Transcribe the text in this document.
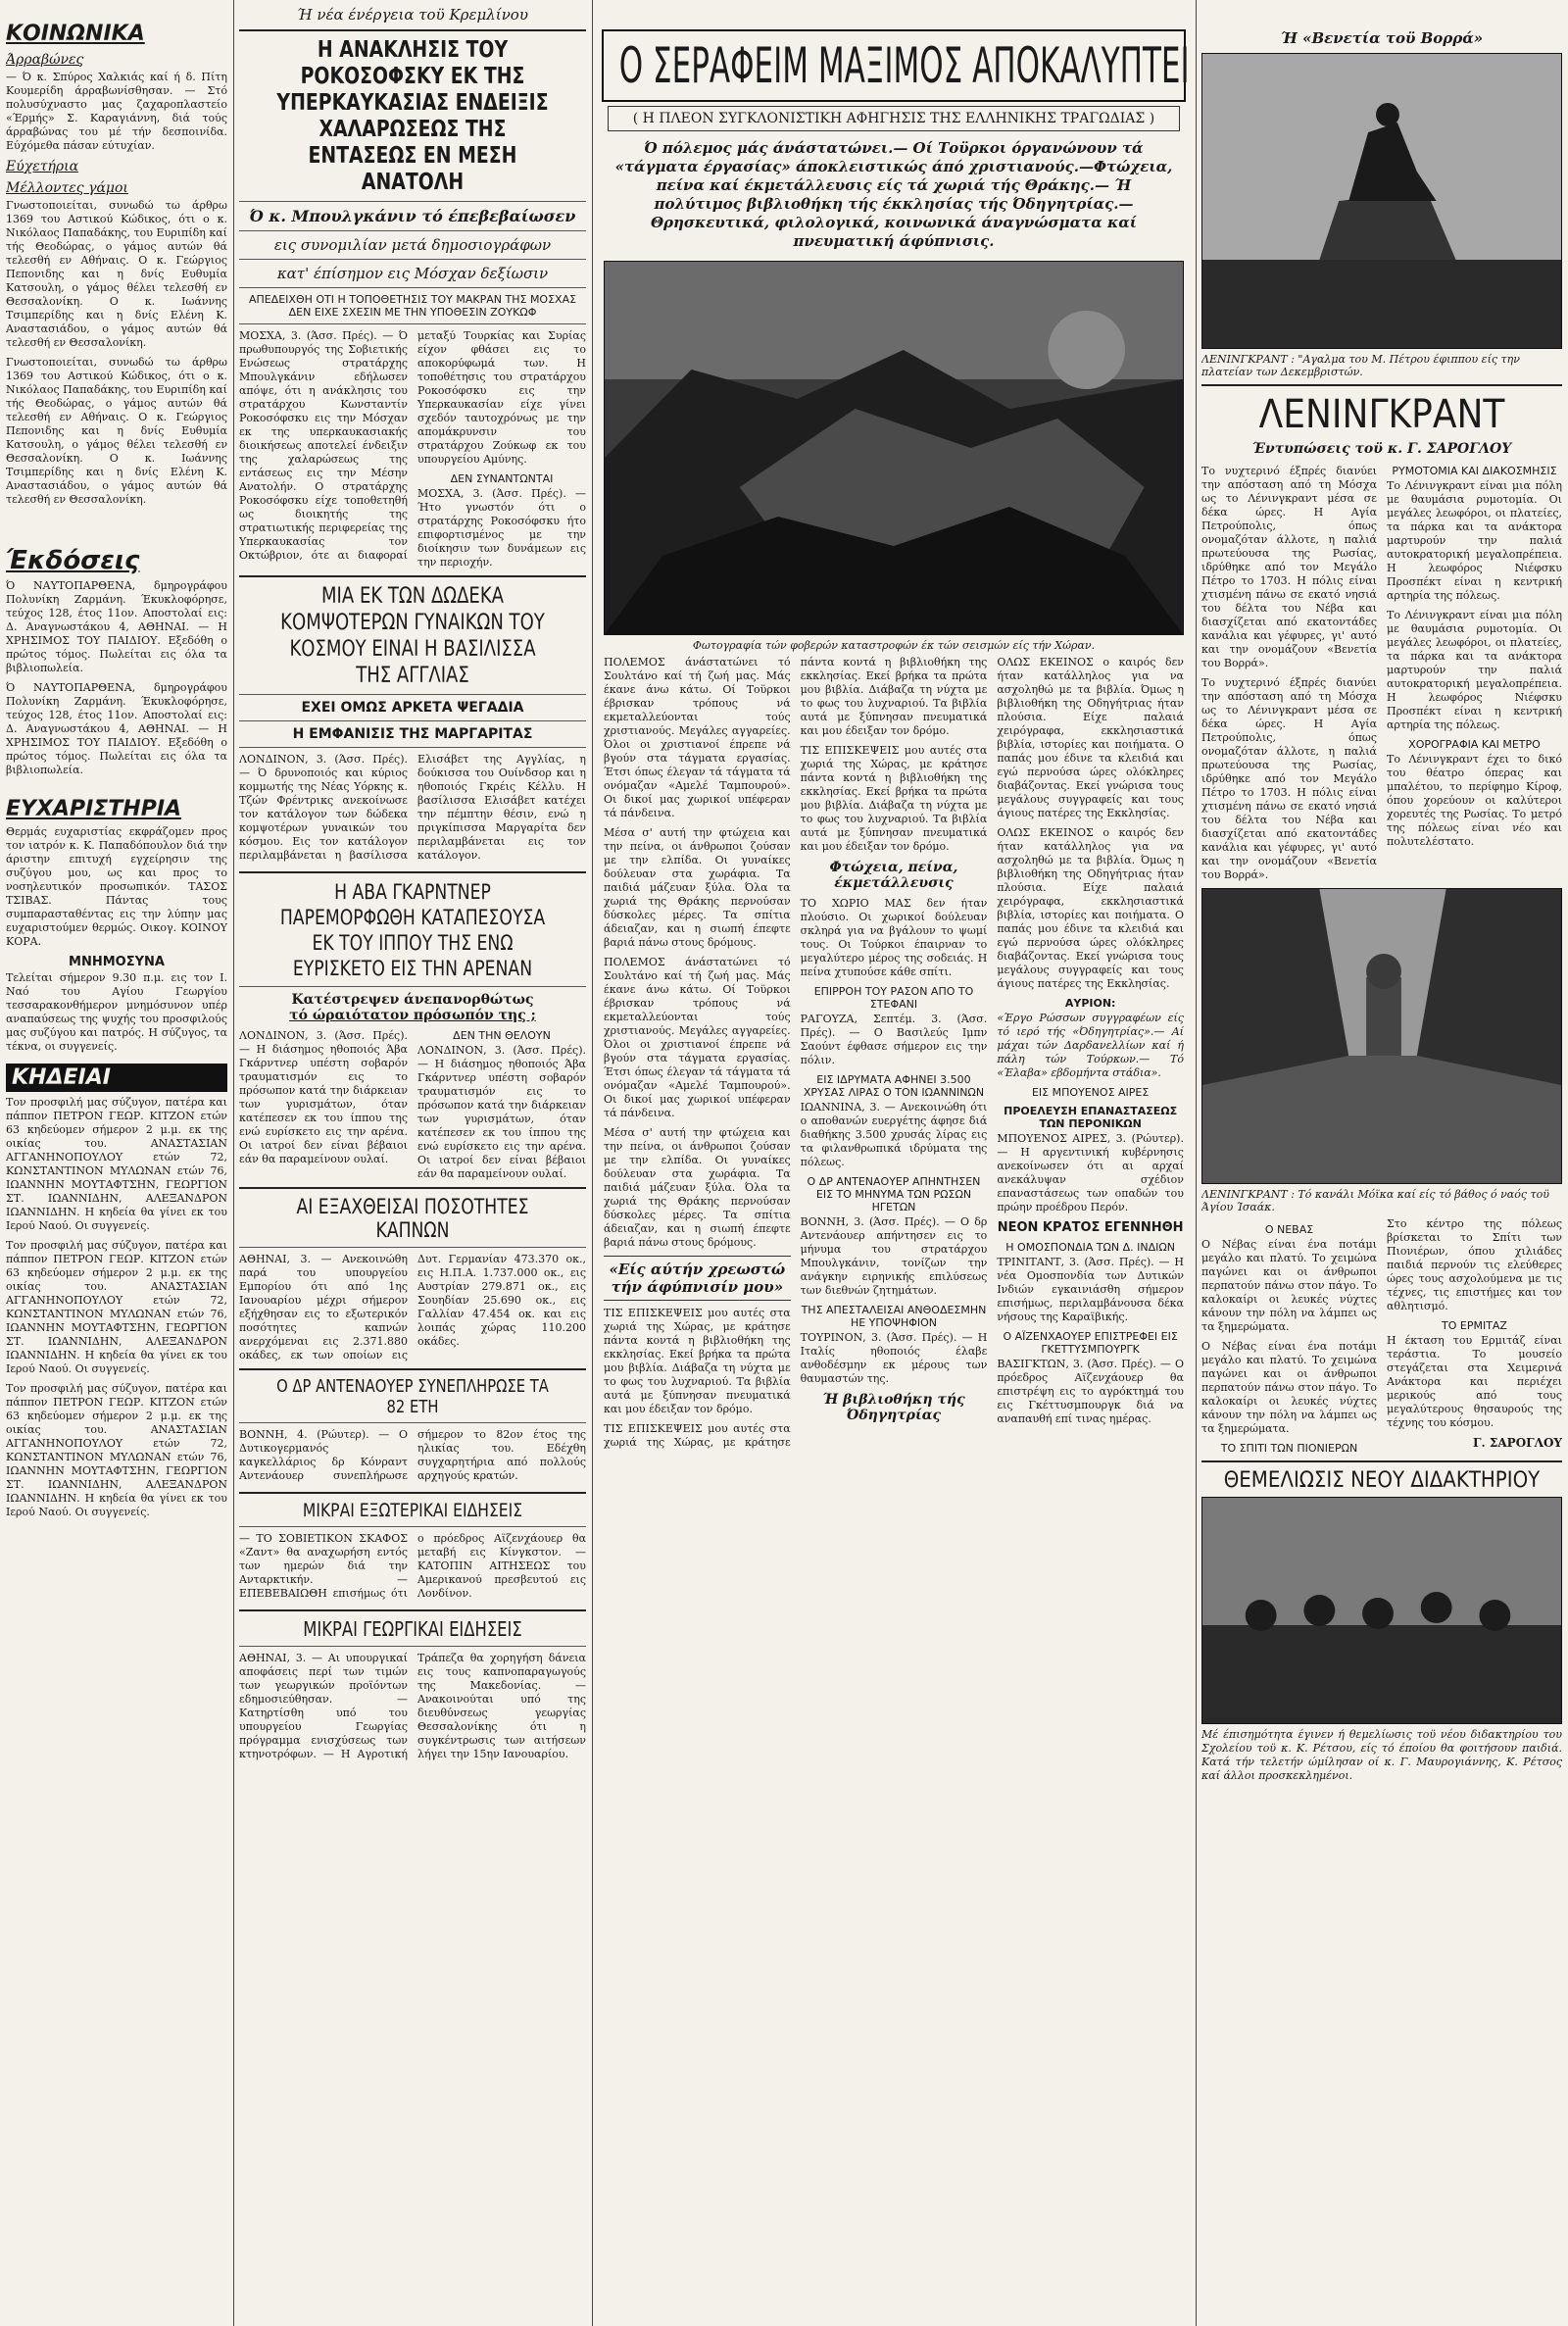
ΚΟΙΝΩΝΙΚΑ
Άρραβώνες

— Ό κ. Σπύρος Χαλκιάς καί ή δ. Πίτη Κουμερίδη άρραβωνίσθησαν. — Στό πολυσύχναστο μας ζαχαροπλαστείο «Έρμής» Σ. Καραγιάννη, διά τούς άρραβώνας του μέ τήν δεσποινίδα. Εύχόμεθα πάσαν εύτυχίαν.

Εύχετήρια
Μέλλοντες γάμοι

Γνωστοποιείται, συνωδώ τω άρθρω 1369 του Αστικού Κώδικος, ότι ο κ. Νικόλαος Παπαδάκης, του Ευριπίδη καί τής Θεοδώρας, ο γάμος αυτών θά τελεσθή εν Αθήναις. Ο κ. Γεώργιος Πεπονιδης και η δνίς Ευθυμία Κατσουλη, ο γάμος θέλει τελεσθή εν Θεσσαλονίκη. Ο κ. Ιωάννης Τσιμπερίδης και η δνίς Ελένη Κ. Αναστασιάδου, ο γάμος αυτών θά τελεσθή εν Θεσσαλονίκη.

Γνωστοποιείται, συνωδώ τω άρθρω 1369 του Αστικού Κώδικος, ότι ο κ. Νικόλαος Παπαδάκης, του Ευριπίδη καί τής Θεοδώρας, ο γάμος αυτών θά τελεσθή εν Αθήναις. Ο κ. Γεώργιος Πεπονιδης και η δνίς Ευθυμία Κατσουλη, ο γάμος θέλει τελεσθή εν Θεσσαλονίκη. Ο κ. Ιωάννης Τσιμπερίδης και η δνίς Ελένη Κ. Αναστασιάδου, ο γάμος αυτών θά τελεσθή εν Θεσσαλονίκη.

Έκδόσεις

Ό ΝΑΥΤΟΠΑΡΘΕΝΑ, δμηρογράφου Πολυνίκη Ζαρμάνη. Έκυκλοφόρησε, τεύχος 128, έτος 11ον. Αποστολαί εις: Δ. Αναγνωστάκου 4, ΑΘΗΝΑΙ. — Η ΧΡΗΣΙΜΟΣ ΤΟΥ ΠΑΙΔΙΟΥ. Εξεδόθη ο πρώτος τόμος. Πωλείται εις όλα τα βιβλιοπωλεία.

Ό ΝΑΥΤΟΠΑΡΘΕΝΑ, δμηρογράφου Πολυνίκη Ζαρμάνη. Έκυκλοφόρησε, τεύχος 128, έτος 11ον. Αποστολαί εις: Δ. Αναγνωστάκου 4, ΑΘΗΝΑΙ. — Η ΧΡΗΣΙΜΟΣ ΤΟΥ ΠΑΙΔΙΟΥ. Εξεδόθη ο πρώτος τόμος. Πωλείται εις όλα τα βιβλιοπωλεία.

ΕΥΧΑΡΙΣΤΗΡΙΑ

Θερμάς ευχαριστίας εκφράζομεν προς τον ιατρόν κ. Κ. Παπαδόπουλον διά την άριστην επιτυχή εγχείρησιν της συζύγου μου, ως και προς το νοσηλευτικόν προσωπικόν. ΤΑΣΟΣ ΤΣΙΒΑΣ. Πάντας τους συμπαρασταθέντας εις την λύπην μας ευχαριστούμεν θερμώς. Οικογ. ΚΟΙΝΟΥ ΚΟΡΑ.

ΜΝΗΜΟΣΥΝΑ

Τελείται σήμερον 9.30 π.μ. εις τον Ι. Ναό του Αγίου Γεωργίου τεσσαρακονθήμερον μνημόσυνον υπέρ αναπαύσεως της ψυχής του προσφιλούς μας συζύγου και πατρός. Η σύζυγος, τα τέκνα, οι συγγενείς.

ΚΗΔΕΙΑΙ

Τον προσφιλή μας σύζυγον, πατέρα και πάππον ΠΕΤΡΟΝ ΓΕΩΡ. ΚΙΤΖΟΝ ετών 63 κηδεύομεν σήμερον 2 μ.μ. εκ της οικίας του. ΑΝΑΣΤΑΣΙΑΝ ΑΓΓΑΝΗΝΟΠΟΥΛΟΥ ετών 72, ΚΩΝΣΤΑΝΤΙΝΟΝ ΜΥΛΩΝΑΝ ετών 76, ΙΩΑΝΝΗΝ ΜΟΥΤΑΦΤΣΗΝ, ΓΕΩΡΓΙΟΝ ΣΤ. ΙΩΑΝΝΙΔΗΝ, ΑΛΕΞΑΝΔΡΟΝ ΙΩΑΝΝΙΔΗΝ. Η κηδεία θα γίνει εκ του Ιερού Ναού. Οι συγγενείς.

Τον προσφιλή μας σύζυγον, πατέρα και πάππον ΠΕΤΡΟΝ ΓΕΩΡ. ΚΙΤΖΟΝ ετών 63 κηδεύομεν σήμερον 2 μ.μ. εκ της οικίας του. ΑΝΑΣΤΑΣΙΑΝ ΑΓΓΑΝΗΝΟΠΟΥΛΟΥ ετών 72, ΚΩΝΣΤΑΝΤΙΝΟΝ ΜΥΛΩΝΑΝ ετών 76, ΙΩΑΝΝΗΝ ΜΟΥΤΑΦΤΣΗΝ, ΓΕΩΡΓΙΟΝ ΣΤ. ΙΩΑΝΝΙΔΗΝ, ΑΛΕΞΑΝΔΡΟΝ ΙΩΑΝΝΙΔΗΝ. Η κηδεία θα γίνει εκ του Ιερού Ναού. Οι συγγενείς.

Τον προσφιλή μας σύζυγον, πατέρα και πάππον ΠΕΤΡΟΝ ΓΕΩΡ. ΚΙΤΖΟΝ ετών 63 κηδεύομεν σήμερον 2 μ.μ. εκ της οικίας του. ΑΝΑΣΤΑΣΙΑΝ ΑΓΓΑΝΗΝΟΠΟΥΛΟΥ ετών 72, ΚΩΝΣΤΑΝΤΙΝΟΝ ΜΥΛΩΝΑΝ ετών 76, ΙΩΑΝΝΗΝ ΜΟΥΤΑΦΤΣΗΝ, ΓΕΩΡΓΙΟΝ ΣΤ. ΙΩΑΝΝΙΔΗΝ, ΑΛΕΞΑΝΔΡΟΝ ΙΩΑΝΝΙΔΗΝ. Η κηδεία θα γίνει εκ του Ιερού Ναού. Οι συγγενείς.

Ή νέα ένέργεια τοϋ Κρεμλίνου
Η ΑΝΑΚΛΗΣΙΣ ΤΟΥ ΡΟΚΟΣΟΦΣΚΥ ΕΚ ΤΗΣ ΥΠΕΡΚΑΥΚΑΣΙΑΣ ΕΝΔΕΙΞΙΣ ΧΑΛΑΡΩΣΕΩΣ ΤΗΣ ΕΝΤΑΣΕΩΣ ΕΝ ΜΕΣΗ ΑΝΑΤΟΛΗ
Ό κ. Μπουλγκάνιν τό έπεβεβαίωσεν
εις συνομιλίαν μετά δημοσιογράφων
κατ' έπίσημον εις Μόσχαν δεξίωσιν
ΑΠΕΔΕΙΧΘΗ ΟΤΙ Η ΤΟΠΟΘΕΤΗΣΙΣ ΤΟΥ ΜΑΚΡΑΝ ΤΗΣ ΜΟΣΧΑΣ ΔΕΝ ΕΙΧΕ ΣΧΕΣΙΝ ΜΕ ΤΗΝ ΥΠΟΘΕΣΙΝ ΖΟΥΚΩΦ

ΜΟΣΧΑ, 3. (Άσσ. Πρές). — Ό πρωθυπουργός της Σοβιετικής Ενώσεως στρατάρχης Μπουλγκάνιν εδήλωσεν απόψε, ότι η ανάκλησις του στρατάρχου Κωνσταντίν Ροκοσόφσκυ εις την Μόσχαν εκ της υπερκαυκασιακής διοικήσεως αποτελεί ένδειξιν της χαλαρώσεως της εντάσεως εις την Μέσην Ανατολήν. Ο στρατάρχης Ροκοσόφσκυ είχε τοποθετηθή ως διοικητής της στρατιωτικής περιφερείας της Υπερκαυκασίας τον Οκτώβριον, ότε αι διαφοραί μεταξύ Τουρκίας και Συρίας είχον φθάσει εις το αποκορύφωμά των. Η τοποθέτησις του στρατάρχου Ροκοσόφσκυ εις την Υπερκαυκασίαν είχε γίνει σχεδόν ταυτοχρόνως με την απομάκρυνσιν του στρατάρχου Ζούκωφ εκ του υπουργείου Αμύνης.

ΔΕΝ ΣΥΝΑΝΤΩΝΤΑΙ

ΜΟΣΧΑ, 3. (Άσσ. Πρές). — Ήτο γνωστόν ότι ο στρατάρχης Ροκοσόφσκυ ήτο επιφορτισμένος με την διοίκησιν των δυνάμεων εις την περιοχήν.

ΜΙΑ ΕΚ ΤΩΝ ΔΩΔΕΚΑ ΚΟΜΨΟΤΕΡΩΝ ΓΥΝΑΙΚΩΝ ΤΟΥ ΚΟΣΜΟΥ ΕΙΝΑΙ Η ΒΑΣΙΛΙΣΣΑ ΤΗΣ ΑΓΓΛΙΑΣ
ΕΧΕΙ ΟΜΩΣ ΑΡΚΕΤΑ ΨΕΓΑΔΙΑ
Η ΕΜΦΑΝΙΣΙΣ ΤΗΣ ΜΑΡΓΑΡΙΤΑΣ

ΛΟΝΔΙΝΟΝ, 3. (Άσσ. Πρές). — Ό δρυνοποιός και κύριος κομμωτής της Νέας Υόρκης κ. Τζών Φρέντρικς ανεκοίνωσε τον κατάλογον των δώδεκα κομψοτέρων γυναικών του κόσμου. Εις τον κατάλογον περιλαμβάνεται η βασίλισσα Ελισάβετ της Αγγλίας, η δούκισσα του Ουίνδσορ και η ηθοποιός Γκρέις Κέλλυ. Η βασίλισσα Ελισάβετ κατέχει την πέμπτην θέσιν, ενώ η πριγκίπισσα Μαργαρίτα δεν περιλαμβάνεται εις τον κατάλογον.

Η ΑΒΑ ΓΚΑΡΝΤΝΕΡ ΠΑΡΕΜΟΡΦΩΘΗ ΚΑΤΑΠΕΣΟΥΣΑ ΕΚ ΤΟΥ ΙΠΠΟΥ ΤΗΣ ΕΝΩ ΕΥΡΙΣΚΕΤΟ ΕΙΣ ΤΗΝ ΑΡΕΝΑΝ
Κατέστρεψεν άνεπανορθώτως
τό ώραιότατον πρόσωπόν της ;

ΛΟΝΔΙΝΟΝ, 3. (Άσσ. Πρές). — Η διάσημος ηθοποιός Άβα Γκάρντνερ υπέστη σοβαρόν τραυματισμόν εις το πρόσωπον κατά την διάρκειαν των γυρισμάτων, όταν κατέπεσεν εκ του ίππου της ενώ ευρίσκετο εις την αρένα. Οι ιατροί δεν είναι βέβαιοι εάν θα παραμείνουν ουλαί.

ΔΕΝ ΤΗΝ ΘΕΛΟΥΝ

ΛΟΝΔΙΝΟΝ, 3. (Άσσ. Πρές). — Η διάσημος ηθοποιός Άβα Γκάρντνερ υπέστη σοβαρόν τραυματισμόν εις το πρόσωπον κατά την διάρκειαν των γυρισμάτων, όταν κατέπεσεν εκ του ίππου της ενώ ευρίσκετο εις την αρένα. Οι ιατροί δεν είναι βέβαιοι εάν θα παραμείνουν ουλαί.

ΑΙ ΕΞΑΧΘΕΙΣΑΙ ΠΟΣΟΤΗΤΕΣ ΚΑΠΝΩΝ

ΑΘΗΝΑΙ, 3. — Ανεκοινώθη παρά του υπουργείου Εμπορίου ότι από 1ης Ιανουαρίου μέχρι σήμερον εξήχθησαν εις το εξωτερικόν ποσότητες καπνών ανερχόμεναι εις 2.371.880 οκάδες, εκ των οποίων εις Δυτ. Γερμανίαν 473.370 οκ., εις Η.Π.Α. 1.737.000 οκ., εις Αυστρίαν 279.871 οκ., εις Σουηδίαν 25.690 οκ., εις Γαλλίαν 47.454 οκ. και εις λοιπάς χώρας 110.200 οκάδες.

Ο ΔΡ ΑΝΤΕΝΑΟΥΕΡ ΣΥΝΕΠΛΗΡΩΣΕ ΤΑ 82 ΕΤΗ

ΒΟΝΝΗ, 4. (Ρώυτερ). — Ο Δυτικογερμανός καγκελλάριος δρ Κόνραντ Αντενάουερ συνεπλήρωσε σήμερον το 82ον έτος της ηλικίας του. Εδέχθη συγχαρητήρια από πολλούς αρχηγούς κρατών.

ΜΙΚΡΑΙ ΕΞΩΤΕΡΙΚΑΙ ΕΙΔΗΣΕΙΣ

— ΤΟ ΣΟΒΙΕΤΙΚΟΝ ΣΚΑΦΟΣ «Ζαντ» θα αναχωρήση εντός των ημερών διά την Ανταρκτικήν. — ΕΠΕΒΕΒΑΙΩΘΗ επισήμως ότι ο πρόεδρος Αϊζενχάουερ θα μεταβή εις Κίνγκστον. — ΚΑΤΟΠΙΝ ΑΙΤΗΣΕΩΣ του Αμερικανού πρεσβευτού εις Λονδίνον.

ΜΙΚΡΑΙ ΓΕΩΡΓΙΚΑΙ ΕΙΔΗΣΕΙΣ

ΑΘΗΝΑΙ, 3. — Αι υπουργικαί αποφάσεις περί των τιμών των γεωργικών προϊόντων εδημοσιεύθησαν. — Κατηρτίσθη υπό του υπουργείου Γεωργίας πρόγραμμα ενισχύσεως των κτηνοτρόφων. — Η Αγροτική Τράπεζα θα χορηγήση δάνεια εις τους καπνοπαραγωγούς της Μακεδονίας. — Ανακοινούται υπό της διευθύνσεως γεωργίας Θεσσαλονίκης ότι η συγκέντρωσις των αιτήσεων λήγει την 15ην Ιανουαρίου.

Ο ΣΕΡΑΦΕΙΜ ΜΑΞΙΜΟΣ ΑΠΟΚΑΛΥΠΤΕΙ
( Η ΠΛΕΟΝ ΣΥΓΚΛΟΝΙΣΤΙΚΗ ΑΦΗΓΗΣΙΣ ΤΗΣ ΕΛΛΗΝΙΚΗΣ ΤΡΑΓΩΔΙΑΣ )

Ό πόλεμος μάς άνάστατώνει.— Οί Τοϋρκοι όργανώνουν τά «τάγματα έργασίας» άποκλειστικώς άπό χριστιανούς.—Φτώχεια, πείνα καί έκμετάλλευσις είς τά χωριά τής Θράκης.— Ή πολύτιμος βιβλιοθήκη τής έκκλησίας τής Όδηγητρίας.— Θρησκευτικά, φιλολογικά, κοινωνικά άναγνώσματα καί πνευματική άφύπνισις.

Φωτογραφία τών φοβερών καταστροφών έκ τών σεισμών είς τήν Χώραν.

ΠΟΛΕΜΟΣ άνάστατώνει τό Σουλτάνο καί τή ζωή μας. Μάς έκανε άνω κάτω. Οί Τοϋρκοι έβρισκαν τρόπους νά εκμεταλλεύονται τούς χριστιανούς. Μεγάλες αγγαρείες. Όλοι οι χριστιανοί έπρεπε νά βγούν στα τάγματα εργασίας. Έτσι όπως έλεγαν τά τάγματα τά ονόμαζαν «Αμελέ Ταμπουρού». Οι δικοί μας χωρικοί υπέφεραν τά πάνδεινα.

Μέσα σ' αυτή την φτώχεια και την πείνα, οι άνθρωποι ζούσαν με την ελπίδα. Οι γυναίκες δούλευαν στα χωράφια. Τα παιδιά μάζευαν ξύλα. Όλα τα χωριά της Θράκης περνούσαν δύσκολες μέρες. Τα σπίτια άδειαζαν, και η σιωπή έπεφτε βαριά πάνω στους δρόμους.

ΠΟΛΕΜΟΣ άνάστατώνει τό Σουλτάνο καί τή ζωή μας. Μάς έκανε άνω κάτω. Οί Τοϋρκοι έβρισκαν τρόπους νά εκμεταλλεύονται τούς χριστιανούς. Μεγάλες αγγαρείες. Όλοι οι χριστιανοί έπρεπε νά βγούν στα τάγματα εργασίας. Έτσι όπως έλεγαν τά τάγματα τά ονόμαζαν «Αμελέ Ταμπουρού». Οι δικοί μας χωρικοί υπέφεραν τά πάνδεινα.

Μέσα σ' αυτή την φτώχεια και την πείνα, οι άνθρωποι ζούσαν με την ελπίδα. Οι γυναίκες δούλευαν στα χωράφια. Τα παιδιά μάζευαν ξύλα. Όλα τα χωριά της Θράκης περνούσαν δύσκολες μέρες. Τα σπίτια άδειαζαν, και η σιωπή έπεφτε βαριά πάνω στους δρόμους.

«Είς αύτήν χρεωστώ
τήν άφύπνισίν μου»

ΤΙΣ ΕΠΙΣΚΕΨΕΙΣ μου αυτές στα χωριά της Χώρας, με κράτησε πάντα κοντά η βιβλιοθήκη της εκκλησίας. Εκεί βρήκα τα πρώτα μου βιβλία. Διάβαζα τη νύχτα με το φως του λυχναριού. Τα βιβλία αυτά με ξύπνησαν πνευματικά και μου έδειξαν τον δρόμο.

ΤΙΣ ΕΠΙΣΚΕΨΕΙΣ μου αυτές στα χωριά της Χώρας, με κράτησε πάντα κοντά η βιβλιοθήκη της εκκλησίας. Εκεί βρήκα τα πρώτα μου βιβλία. Διάβαζα τη νύχτα με το φως του λυχναριού. Τα βιβλία αυτά με ξύπνησαν πνευματικά και μου έδειξαν τον δρόμο.

ΤΙΣ ΕΠΙΣΚΕΨΕΙΣ μου αυτές στα χωριά της Χώρας, με κράτησε πάντα κοντά η βιβλιοθήκη της εκκλησίας. Εκεί βρήκα τα πρώτα μου βιβλία. Διάβαζα τη νύχτα με το φως του λυχναριού. Τα βιβλία αυτά με ξύπνησαν πνευματικά και μου έδειξαν τον δρόμο.

Φτώχεια, πείνα, έκμετάλλευσις

ΤΟ ΧΩΡΙΟ ΜΑΣ δεν ήταν πλούσιο. Οι χωρικοί δούλευαν σκληρά για να βγάλουν το ψωμί τους. Οι Τούρκοι έπαιρναν το μεγαλύτερο μέρος της σοδειάς. Η πείνα χτυπούσε κάθε σπίτι.

ΕΠΙΡΡΟΗ ΤΟΥ ΡΑΣΟΝ ΑΠΟ ΤΟ ΣΤΕΦΑΝΙ

ΡΑΓΟΥΖΑ, Σεπτέμ. 3. (Άσσ. Πρές). — Ο Βασιλεύς Ιμπν Σαούντ έφθασε σήμερον εις την πόλιν.

ΕΙΣ ΙΔΡΥΜΑΤΑ ΑΦΗΝΕΙ 3.500 ΧΡΥΣΑΣ ΛΙΡΑΣ Ο ΤΟΝ ΙΩΑΝΝΙΝΩΝ

ΙΩΑΝΝΙΝΑ, 3. — Ανεκοινώθη ότι ο αποθανών ευεργέτης άφησε διά διαθήκης 3.500 χρυσάς λίρας εις τα φιλανθρωπικά ιδρύματα της πόλεως.

Ο ΔΡ ΑΝΤΕΝΑΟΥΕΡ ΑΠΗΝΤΗΣΕΝ ΕΙΣ ΤΟ ΜΗΝΥΜΑ ΤΩΝ ΡΩΣΩΝ ΗΓΕΤΩΝ

ΒΟΝΝΗ, 3. (Άσσ. Πρές). — Ο δρ Αντενάουερ απήντησεν εις το μήνυμα του στρατάρχου Μπουλγκάνιν, τονίζων την ανάγκην ειρηνικής επιλύσεως των διεθνών ζητημάτων.

ΤΗΣ ΑΠΕΣΤΑΛΕΙΣΑΙ ΑΝΘΟΔΕΣΜΗΝ ΗΕ ΥΠΟΨΗΦΙΟΝ

ΤΟΥΡΙΝΟΝ, 3. (Άσσ. Πρές). — Η Ιταλίς ηθοποιός έλαβε ανθοδέσμην εκ μέρους των θαυμαστών της.

Ή βιβλιοθήκη τής Όδηγητρίας

ΟΛΩΣ ΕΚΕΙΝΟΣ ο καιρός δεν ήταν κατάλληλος για να ασχοληθώ με τα βιβλία. Όμως η βιβλιοθήκη της Οδηγήτριας ήταν πλούσια. Είχε παλαιά χειρόγραφα, εκκλησιαστικά βιβλία, ιστορίες και ποιήματα. Ο παπάς μου έδινε τα κλειδιά και εγώ περνούσα ώρες ολόκληρες διαβάζοντας. Εκεί γνώρισα τους μεγάλους συγγραφείς και τους άγιους πατέρες της Εκκλησίας.

ΟΛΩΣ ΕΚΕΙΝΟΣ ο καιρός δεν ήταν κατάλληλος για να ασχοληθώ με τα βιβλία. Όμως η βιβλιοθήκη της Οδηγήτριας ήταν πλούσια. Είχε παλαιά χειρόγραφα, εκκλησιαστικά βιβλία, ιστορίες και ποιήματα. Ο παπάς μου έδινε τα κλειδιά και εγώ περνούσα ώρες ολόκληρες διαβάζοντας. Εκεί γνώρισα τους μεγάλους συγγραφείς και τους άγιους πατέρες της Εκκλησίας.

ΑΥΡΙΟΝ:

«Έργο Ρώσσων συγγραφέων είς τό ιερό τής «Όδηγητρίας».— Αί μάχαι τών Δαρδανελλίων καί ή πάλη τών Τούρκων.— Τό «Έλαβα» εβδομήντα στάδια».

ΕΙΣ ΜΠΟΥΕΝΟΣ ΑΙΡΕΣ
ΠΡΟΕΛΕΥΣΗ ΕΠΑΝΑΣΤΑΣΕΩΣ ΤΩΝ ΠΕΡΟΝΙΚΩΝ

ΜΠΟΥΕΝΟΣ ΑΙΡΕΣ, 3. (Ρώυτερ). — Η αργεντινική κυβέρνησις ανεκοίνωσεν ότι αι αρχαί ανεκάλυψαν σχέδιον επαναστάσεως των οπαδών του πρώην προέδρου Περόν.

ΝΕΟΝ ΚΡΑΤΟΣ ΕΓΕΝΝΗΘΗ
Η ΟΜΟΣΠΟΝΔΙΑ ΤΩΝ Δ. ΙΝΔΙΩΝ

ΤΡΙΝΙΤΑΝΤ, 3. (Άσσ. Πρές). — Η νέα Ομοσπονδία των Δυτικών Ινδιών εγκαινιάσθη σήμερον επισήμως, περιλαμβάνουσα δέκα νήσους της Καραϊβικής.

Ο ΑΪΖΕΝΧΑΟΥΕΡ ΕΠΙΣΤΡΕΦΕΙ ΕΙΣ ΓΚΕΤΤΥΣΜΠΟΥΡΓΚ

ΒΑΣΙΓΚΤΩΝ, 3. (Άσσ. Πρές). — Ο πρόεδρος Αϊζενχάουερ θα επιστρέψη εις το αγρόκτημά του εις Γκέττυσμπουργκ διά να αναπαυθή επί τινας ημέρας.

Ή «Βενετία τοϋ Βορρά»
ΛΕΝΙΝΓΚΡΑΝΤ : "Αγαλμα του Μ. Πέτρου έφιππου είς την πλατείαν των Δεκεμβριστών.
ΛΕΝΙΝΓΚΡΑΝΤ
Έντυπώσεις τοϋ κ. Γ. ΣΑΡΟΓΛΟΥ

Το νυχτερινό έξπρές διανύει την απόσταση από τη Μόσχα ως το Λένινγκραντ μέσα σε δέκα ώρες. Η Αγία Πετρούπολις, όπως ονομαζόταν άλλοτε, η παλιά πρωτεύουσα της Ρωσίας, ιδρύθηκε από τον Μεγάλο Πέτρο το 1703. Η πόλις είναι χτισμένη πάνω σε εκατό νησιά του δέλτα του Νέβα και διασχίζεται από εκατοντάδες κανάλια και γέφυρες, γι' αυτό και την ονομάζουν «Βενετία του Βορρά».

Το νυχτερινό έξπρές διανύει την απόσταση από τη Μόσχα ως το Λένινγκραντ μέσα σε δέκα ώρες. Η Αγία Πετρούπολις, όπως ονομαζόταν άλλοτε, η παλιά πρωτεύουσα της Ρωσίας, ιδρύθηκε από τον Μεγάλο Πέτρο το 1703. Η πόλις είναι χτισμένη πάνω σε εκατό νησιά του δέλτα του Νέβα και διασχίζεται από εκατοντάδες κανάλια και γέφυρες, γι' αυτό και την ονομάζουν «Βενετία του Βορρά».

ΡΥΜΟΤΟΜΙΑ ΚΑΙ ΔΙΑΚΟΣΜΗΣΙΣ

Το Λένινγκραντ είναι μια πόλη με θαυμάσια ρυμοτομία. Οι μεγάλες λεωφόροι, οι πλατείες, τα πάρκα και τα ανάκτορα μαρτυρούν την παλιά αυτοκρατορική μεγαλοπρέπεια. Η λεωφόρος Νιέφσκυ Προσπέκτ είναι η κεντρική αρτηρία της πόλεως.

Το Λένινγκραντ είναι μια πόλη με θαυμάσια ρυμοτομία. Οι μεγάλες λεωφόροι, οι πλατείες, τα πάρκα και τα ανάκτορα μαρτυρούν την παλιά αυτοκρατορική μεγαλοπρέπεια. Η λεωφόρος Νιέφσκυ Προσπέκτ είναι η κεντρική αρτηρία της πόλεως.

ΧΟΡΟΓΡΑΦΙΑ ΚΑΙ ΜΕΤΡΟ

Το Λένινγκραντ έχει το δικό του θέατρο όπερας και μπαλέτου, το περίφημο Κίροφ, όπου χορεύουν οι καλύτεροι χορευτές της Ρωσίας. Το μετρό της πόλεως είναι νέο και πολυτελέστατο.

ΛΕΝΙΝΓΚΡΑΝΤ : Τό κανάλι Μόϊκα καί είς τό βάθος ό ναός τοϋ Άγίου Ίσαάκ.
Ο ΝΕΒΑΣ

Ο Νέβας είναι ένα ποτάμι μεγάλο και πλατύ. Το χειμώνα παγώνει και οι άνθρωποι περπατούν πάνω στον πάγο. Το καλοκαίρι οι λευκές νύχτες κάνουν την πόλη να λάμπει ως τα ξημερώματα.

Ο Νέβας είναι ένα ποτάμι μεγάλο και πλατύ. Το χειμώνα παγώνει και οι άνθρωποι περπατούν πάνω στον πάγο. Το καλοκαίρι οι λευκές νύχτες κάνουν την πόλη να λάμπει ως τα ξημερώματα.

ΤΟ ΣΠΙΤΙ ΤΩΝ ΠΙΟΝΙΕΡΩΝ

Στο κέντρο της πόλεως βρίσκεται το Σπίτι των Πιονιέρων, όπου χιλιάδες παιδιά περνούν τις ελεύθερες ώρες τους ασχολούμενα με τις τέχνες, τις επιστήμες και τον αθλητισμό.

ΤΟ ΕΡΜΙΤΑΖ

Η έκταση του Ερμιτάζ είναι τεράστια. Το μουσείο στεγάζεται στα Χειμερινά Ανάκτορα και περιέχει μερικούς από τους μεγαλύτερους θησαυρούς της τέχνης του κόσμου.

Γ. ΣΑΡΟΓΛΟΥ
ΘΕΜΕΛΙΩΣΙΣ ΝΕΟΥ ΔΙΔΑΚΤΗΡΙΟΥ

Μέ έπισημότητα έγινεν ή θεμελίωσις τοϋ νέου διδακτηρίου του Σχολείου τοϋ κ. Κ. Ρέτσου, είς τό έποίου θα φοιτήσουν παιδιά. Κατά τήν τελετήν ώμίλησαν οί κ. Γ. Μαυρογιάννης, Κ. Ρέτσος καί άλλοι προσκεκλημένοι.
